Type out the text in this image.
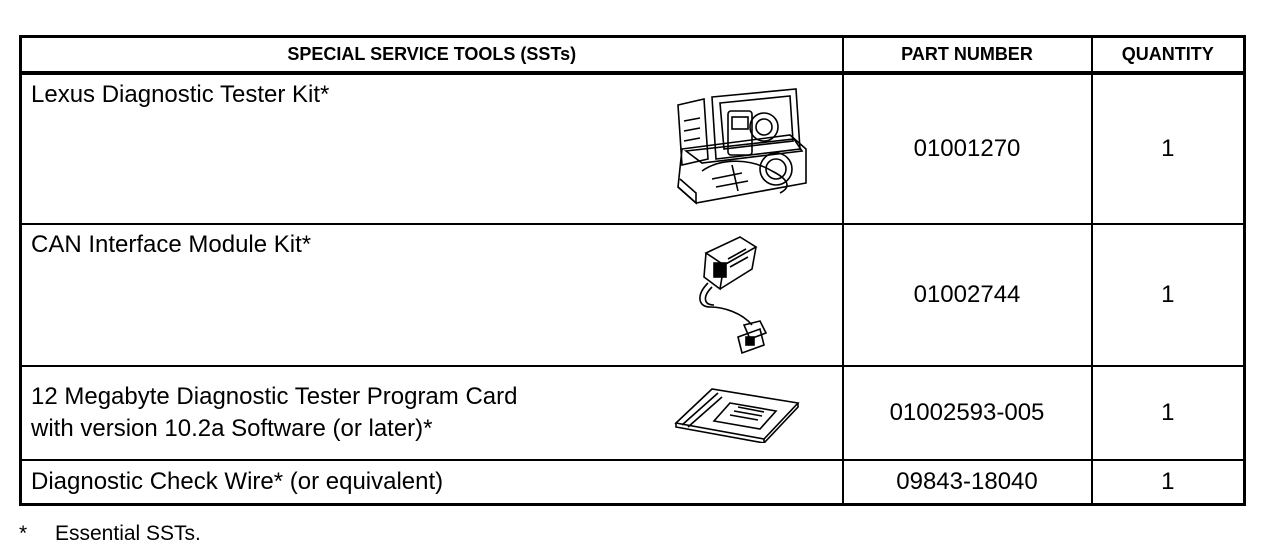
SPECIAL SERVICE TOOLS (SSTs)	PART NUMBER	QUANTITY

Lexus Diagnostic Tester Kit*	01001270	1

CAN Interface Module Kit*	01002744	1

12 Megabyte Diagnostic Tester Program Card
with version 10.2a Software (or later)*	01002593-005	1

Diagnostic Check Wire* (or equivalent)	09843-18040	1
* Essential SSTs.
